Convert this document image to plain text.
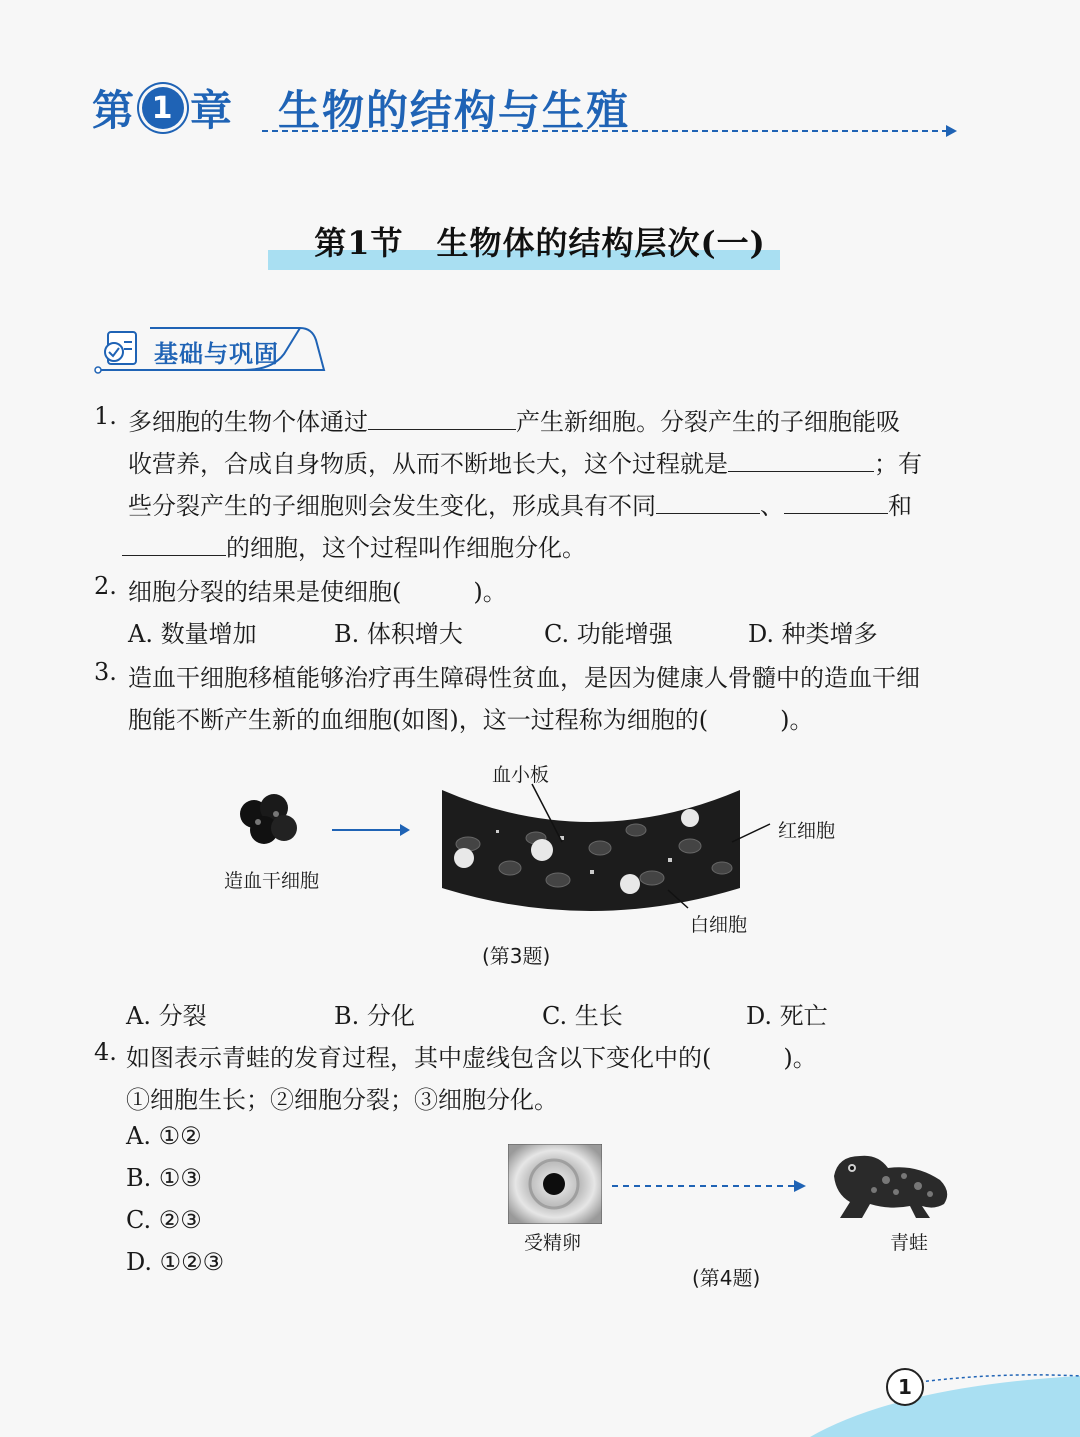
第 1 章 生物的结构与生殖
第1节　生物体的结构层次(一)
基础与巩固
1. 多细胞的生物个体通过	产生新细胞。分裂产生的子细胞能吸
收营养，合成自身物质，从而不断地长大，这个过程就是	；有
些分裂产生的子细胞则会发生变化，形成具有不同	、	和
的细胞，这个过程叫作细胞分化。
2. 细胞分裂的结果是使细胞(　　　)。
A. 数量增加	B. 体积增大	C. 功能增强	D. 种类增多
3. 造血干细胞移植能够治疗再生障碍性贫血，是因为健康人骨髓中的造血干细
胞能不断产生新的血细胞(如图)，这一过程称为细胞的(　　　)。
造血干细胞
血小板
红细胞
白细胞
(第3题)
A. 分裂	B. 分化	C. 生长	D. 死亡
4. 如图表示青蛙的发育过程，其中虚线包含以下变化中的(　　　)。
①细胞生长；②细胞分裂；③细胞分化。
A. ①②
B. ①③
C. ②③
D. ①②③
受精卵	青蛙
(第4题)
1
